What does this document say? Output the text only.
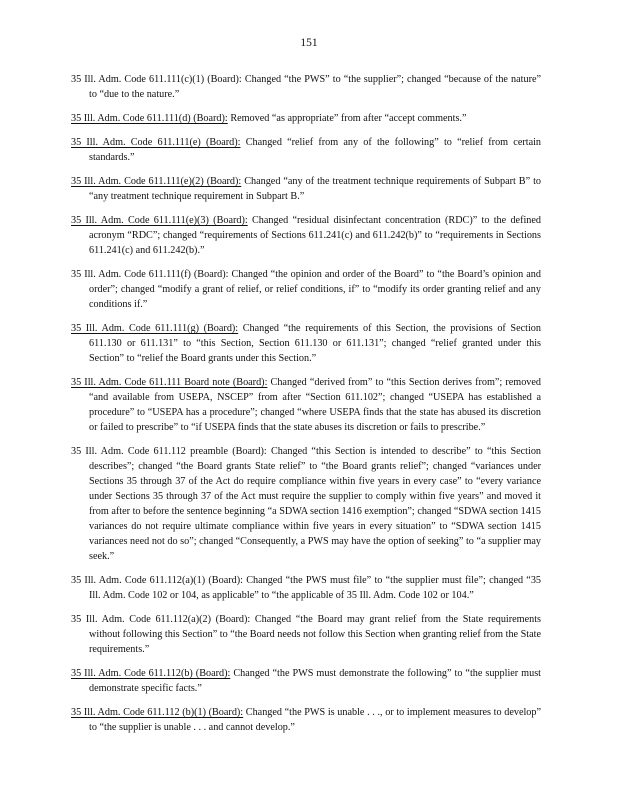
151
35 Ill. Adm. Code 611.111(c)(1) (Board): Changed “the PWS” to “the supplier”; changed “because of the nature” to “due to the nature.”
35 Ill. Adm. Code 611.111(d) (Board): Removed “as appropriate” from after “accept comments.”
35 Ill. Adm. Code 611.111(e) (Board): Changed “relief from any of the following” to “relief from certain standards.”
35 Ill. Adm. Code 611.111(e)(2) (Board): Changed “any of the treatment technique requirements of Subpart B” to “any treatment technique requirement in Subpart B.”
35 Ill. Adm. Code 611.111(e)(3) (Board): Changed “residual disinfectant concentration (RDC)” to the defined acronym “RDC”; changed “requirements of Sections 611.241(c) and 611.242(b)” to “requirements in Sections 611.241(c) and 611.242(b).”
35 Ill. Adm. Code 611.111(f) (Board): Changed “the opinion and order of the Board” to “the Board’s opinion and order”; changed “modify a grant of relief, or relief conditions, if” to “modify its order granting relief and any conditions if.”
35 Ill. Adm. Code 611.111(g) (Board): Changed “the requirements of this Section, the provisions of Section 611.130 or 611.131” to “this Section, Section 611.130 or 611.131”; changed “relief granted under this Section” to “relief the Board grants under this Section.”
35 Ill. Adm. Code 611.111 Board note (Board): Changed “derived from” to “this Section derives from”; removed “and available from USEPA, NSCEP” from after “Section 611.102”; changed “USEPA has established a procedure” to “USEPA has a procedure”; changed “where USEPA finds that the state has abused its discretion or failed to prescribe” to “if USEPA finds that the state abuses its discretion or fails to prescribe.”
35 Ill. Adm. Code 611.112 preamble (Board): Changed “this Section is intended to describe” to “this Section describes”; changed “the Board grants State relief” to “the Board grants relief”; changed “variances under Sections 35 through 37 of the Act do require compliance within five years in every case” to “every variance under Sections 35 through 37 of the Act must require the supplier to comply within five years” and moved it from after to before the sentence beginning “a SDWA section 1416 exemption”; changed “SDWA section 1415 variances do not require ultimate compliance within five years in every situation” to “SDWA section 1415 variances need not do so”; changed “Consequently, a PWS may have the option of seeking” to “a supplier may seek.”
35 Ill. Adm. Code 611.112(a)(1) (Board): Changed “the PWS must file” to “the supplier must file”; changed “35 Ill. Adm. Code 102 or 104, as applicable” to “the applicable of 35 Ill. Adm. Code 102 or 104.”
35 Ill. Adm. Code 611.112(a)(2) (Board): Changed “the Board may grant relief from the State requirements without following this Section” to “the Board needs not follow this Section when granting relief from the State requirements.”
35 Ill. Adm. Code 611.112(b) (Board): Changed “the PWS must demonstrate the following” to “the supplier must demonstrate specific facts.”
35 Ill. Adm. Code 611.112 (b)(1) (Board): Changed “the PWS is unable . . ., or to implement measures to develop” to “the supplier is unable . . . and cannot develop.”
